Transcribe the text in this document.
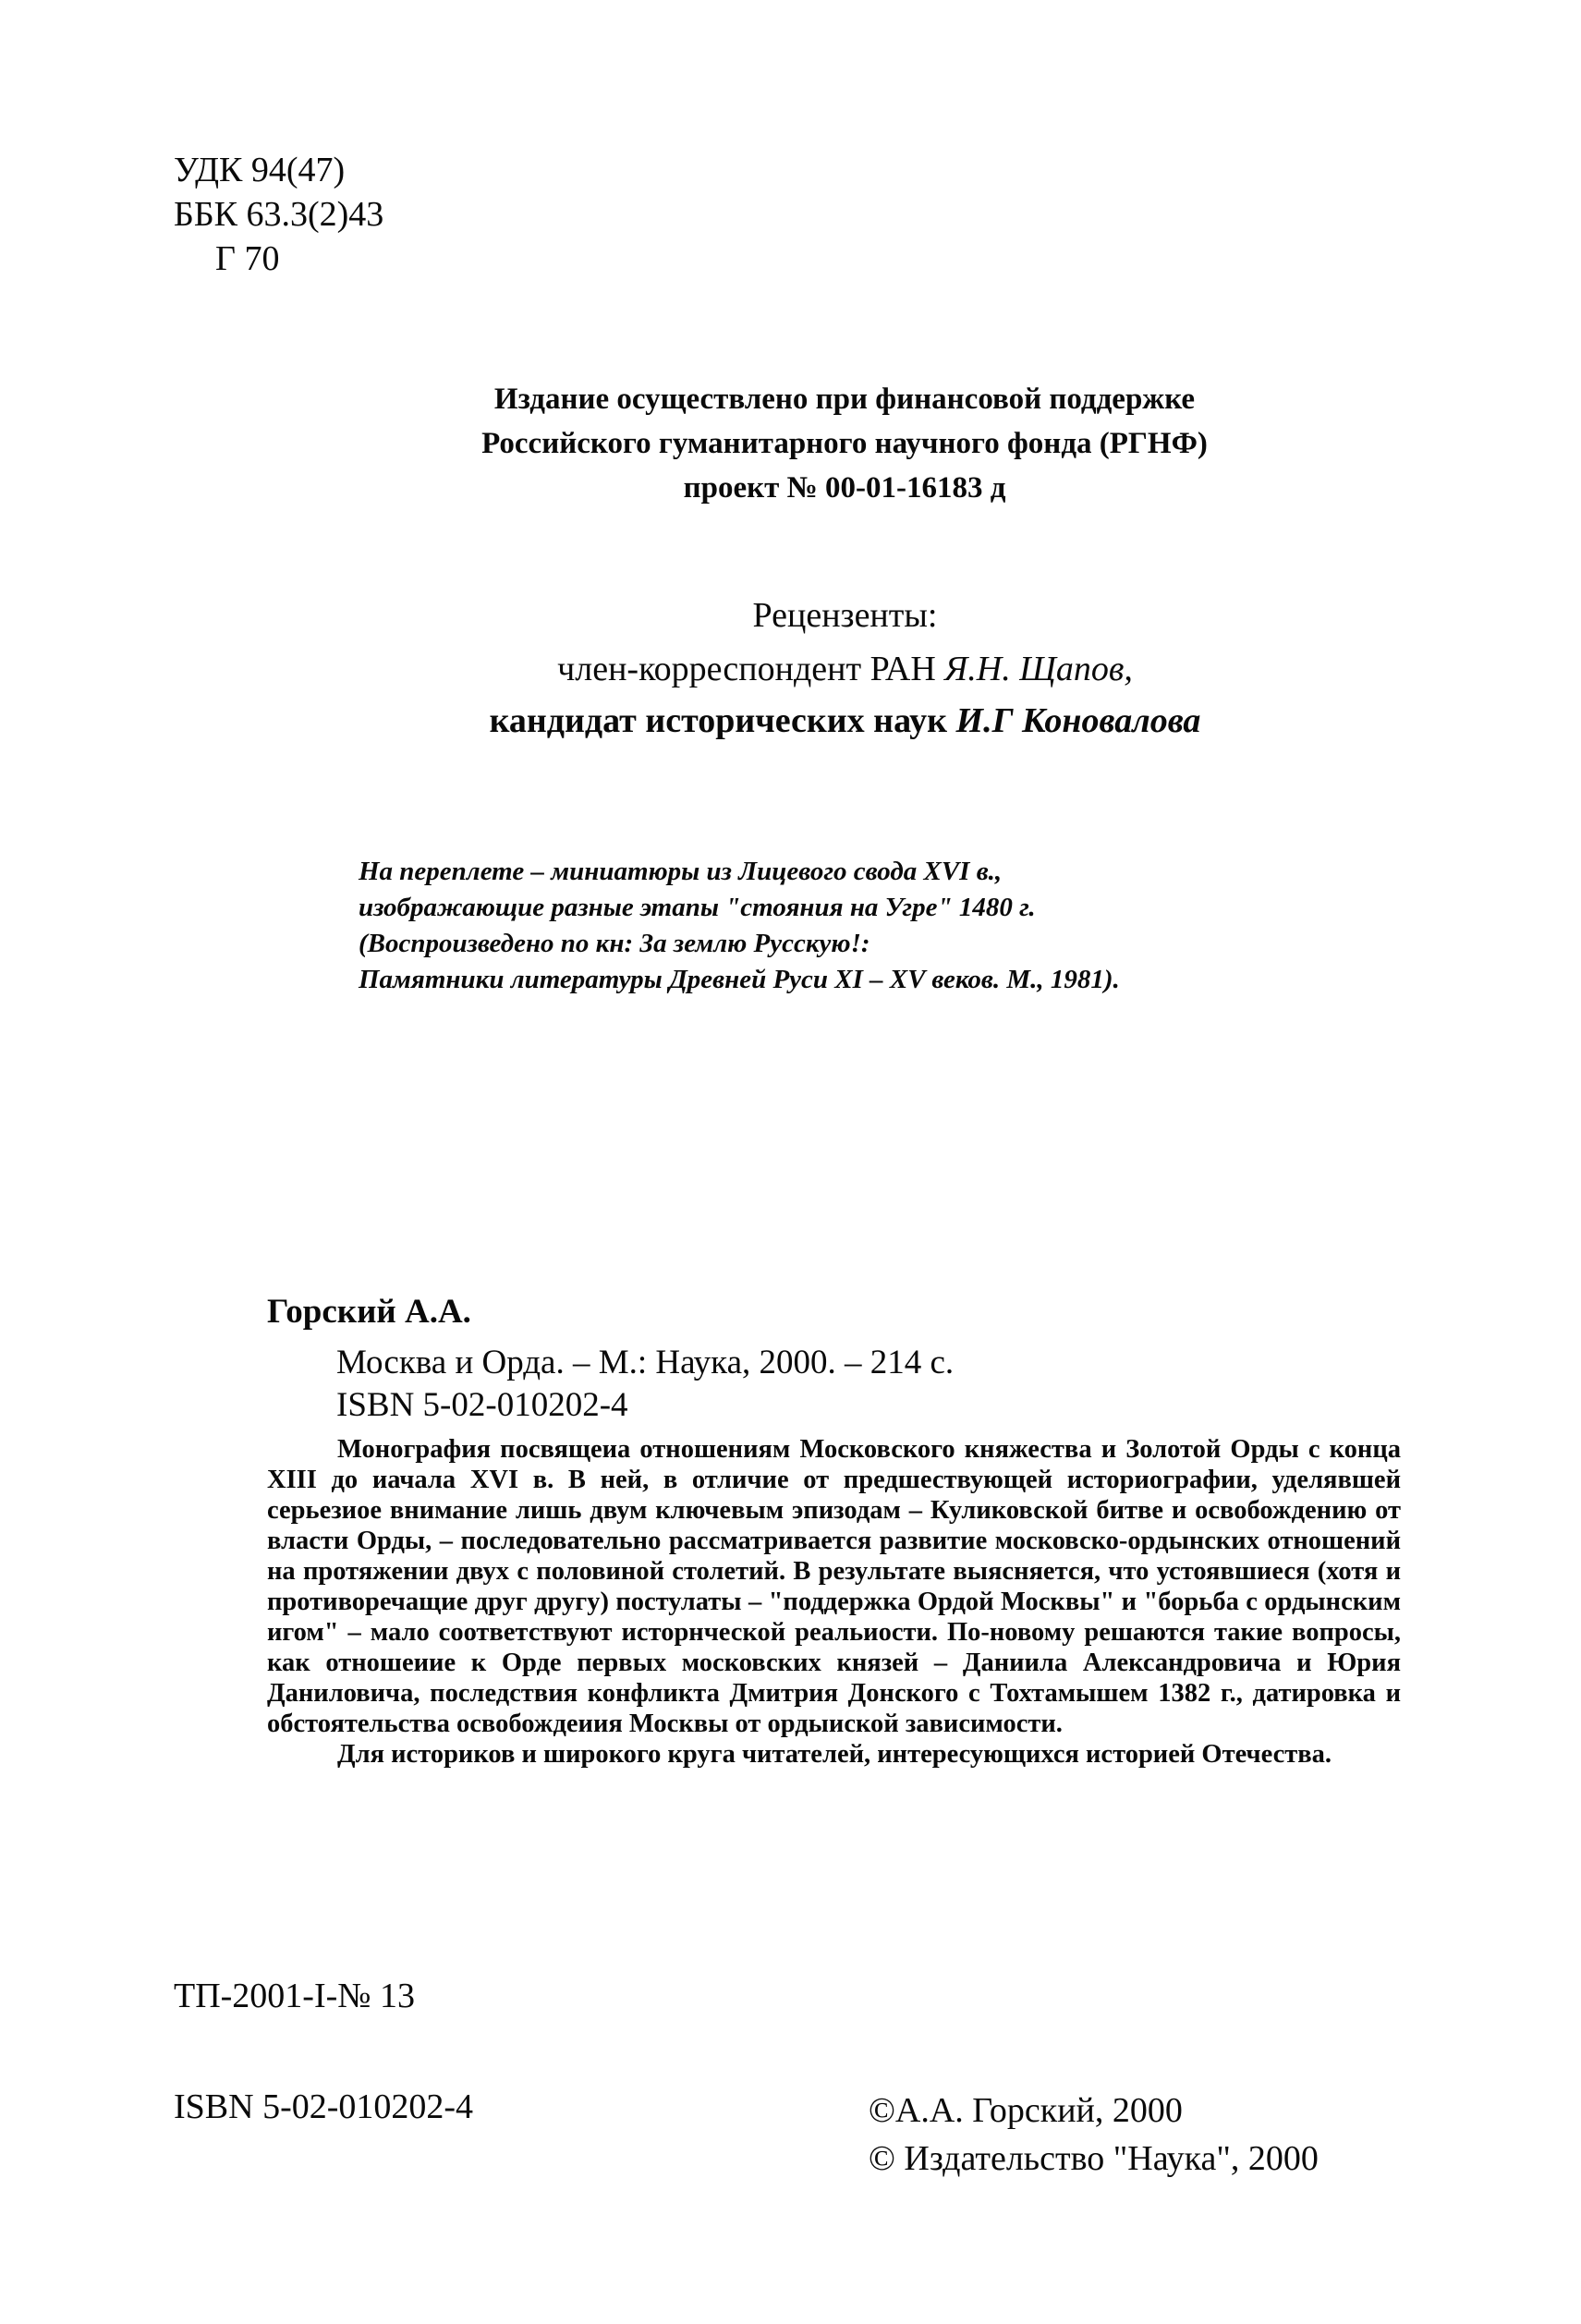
УДК 94(47)
ББК 63.3(2)43
Г 70
Издание осуществлено при финансовой поддержке
Российского гуманитарного научного фонда (РГНФ)
проект № 00-01-16183 д
Рецензенты:
член-корреспондент РАН Я.Н. Щапов,
кандидат исторических наук И.Г Коновалова
На переплете – миниатюры из Лицевого свода XVI в.,
изображающие разные этапы "стояния на Угре" 1480 г.
(Воспроизведено по кн: За землю Русскую!:
Памятники литературы Древней Руси XI – XV веков. М., 1981).
Горский А.А.
Москва и Орда. – М.: Наука, 2000. – 214 с.
ISBN 5-02-010202-4

Монография посвящеиа отношениям Московского княжества и Золотой Орды с конца XIII до иачала XVI в. В ней, в отличие от предшествующей историографии, уделявшей серьезиое внимание лишь двум ключевым эпизодам – Куликовской битве и освобождению от власти Орды, – последовательно рассматривается развитие московско-ордынских отношений на протяжении двух с половиной столетий. В результате выясняется, что устоявшиеся (хотя и противоречащие друг другу) постулаты – "поддержка Ордой Москвы" и "борьба с ордынским игом" – мало соответствуют исторнческой реальиости. По-новому решаются такие вопросы, как отношеиие к Орде первых московских князей – Даниила Александровича и Юрия Даниловича, последствия конфликта Дмитрия Донского с Тохтамышем 1382 г., датировка и обстоятельства освобождеиия Москвы от ордыиской зависимости.

Для историков и широкого круга читателей, интересующихся историей Отечества.

ТП-2001-I-№ 13
ISBN 5-02-010202-4	©А.А. Горский, 2000
© Издательство "Наука", 2000
